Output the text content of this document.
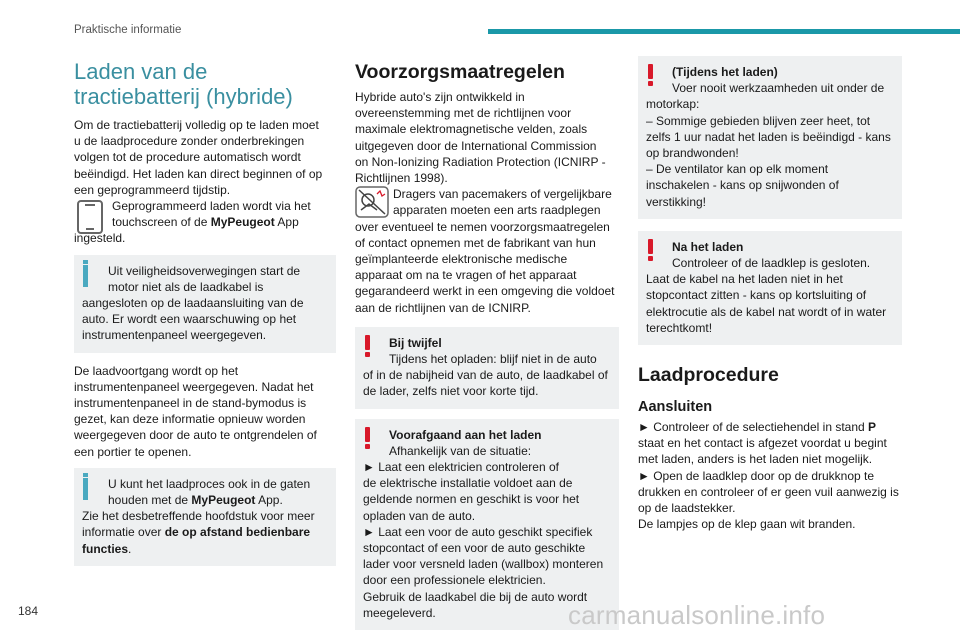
Praktische informatie
Laden van de
tractiebatterij (hybride)
Om de tractiebatterij volledig op te laden moet
u de laadprocedure zonder onderbrekingen
volgen tot de procedure automatisch wordt
beëindigd. Het laden kan direct beginnen of op
een geprogrammeerd tijdstip.
Geprogrammeerd laden wordt via het
touchscreen of de MyPeugeot App
ingesteld.
Uit veiligheidsoverwegingen start de
motor niet als de laadkabel is
aangesloten op de laadaansluiting van de
auto. Er wordt een waarschuwing op het
instrumentenpaneel weergegeven.
De laadvoortgang wordt op het
instrumentenpaneel weergegeven. Nadat het
instrumentenpaneel in de stand-bymodus is
gezet, kan deze informatie opnieuw worden
weergegeven door de auto te ontgrendelen of
een portier te openen.
U kunt het laadproces ook in de gaten
houden met de MyPeugeot App.
Zie het desbetreffende hoofdstuk voor meer
informatie over de op afstand bedienbare
functies.
Voorzorgsmaatregelen
Hybride auto's zijn ontwikkeld in
overeenstemming met de richtlijnen voor
maximale elektromagnetische velden, zoals
uitgegeven door de International Commission
on Non-Ionizing Radiation Protection (ICNIRP -
Richtlijnen 1998).
Dragers van pacemakers of vergelijkbare
apparaten moeten een arts raadplegen
over eventueel te nemen voorzorgsmaatregelen
of contact opnemen met de fabrikant van hun
geïmplanteerde elektronische medische
apparaat om na te vragen of het apparaat
gegarandeerd werkt in een omgeving die voldoet
aan de richtlijnen van de ICNIRP.
Bij twijfel
Tijdens het opladen: blijf niet in de auto
of in de nabijheid van de auto, de laadkabel of
de lader, zelfs niet voor korte tijd.
Voorafgaand aan het laden
Afhankelijk van de situatie:
► Laat een elektricien controleren of
de elektrische installatie voldoet aan de
geldende normen en geschikt is voor het
opladen van de auto.
► Laat een voor de auto geschikt specifiek
stopcontact of een voor de auto geschikte
lader voor versneld laden (wallbox) monteren
door een professionele elektricien.
Gebruik de laadkabel die bij de auto wordt
meegeleverd.
(Tijdens het laden)
Voer nooit werkzaamheden uit onder de
motorkap:
– Sommige gebieden blijven zeer heet, tot
zelfs 1 uur nadat het laden is beëindigd - kans
op brandwonden!
– De ventilator kan op elk moment
inschakelen - kans op snijwonden of
verstikking!
Na het laden
Controleer of de laadklep is gesloten.
Laat de kabel na het laden niet in het
stopcontact zitten - kans op kortsluiting of
elektrocutie als de kabel nat wordt of in water
terechtkomt!
Laadprocedure
Aansluiten
► Controleer of de selectiehendel in stand P
staat en het contact is afgezet voordat u begint
met laden, anders is het laden niet mogelijk.
► Open de laadklep door op de drukknop te
drukken en controleer of er geen vuil aanwezig is
op de laadstekker.
De lampjes op de klep gaan wit branden.
184	carmanualsonline.info
